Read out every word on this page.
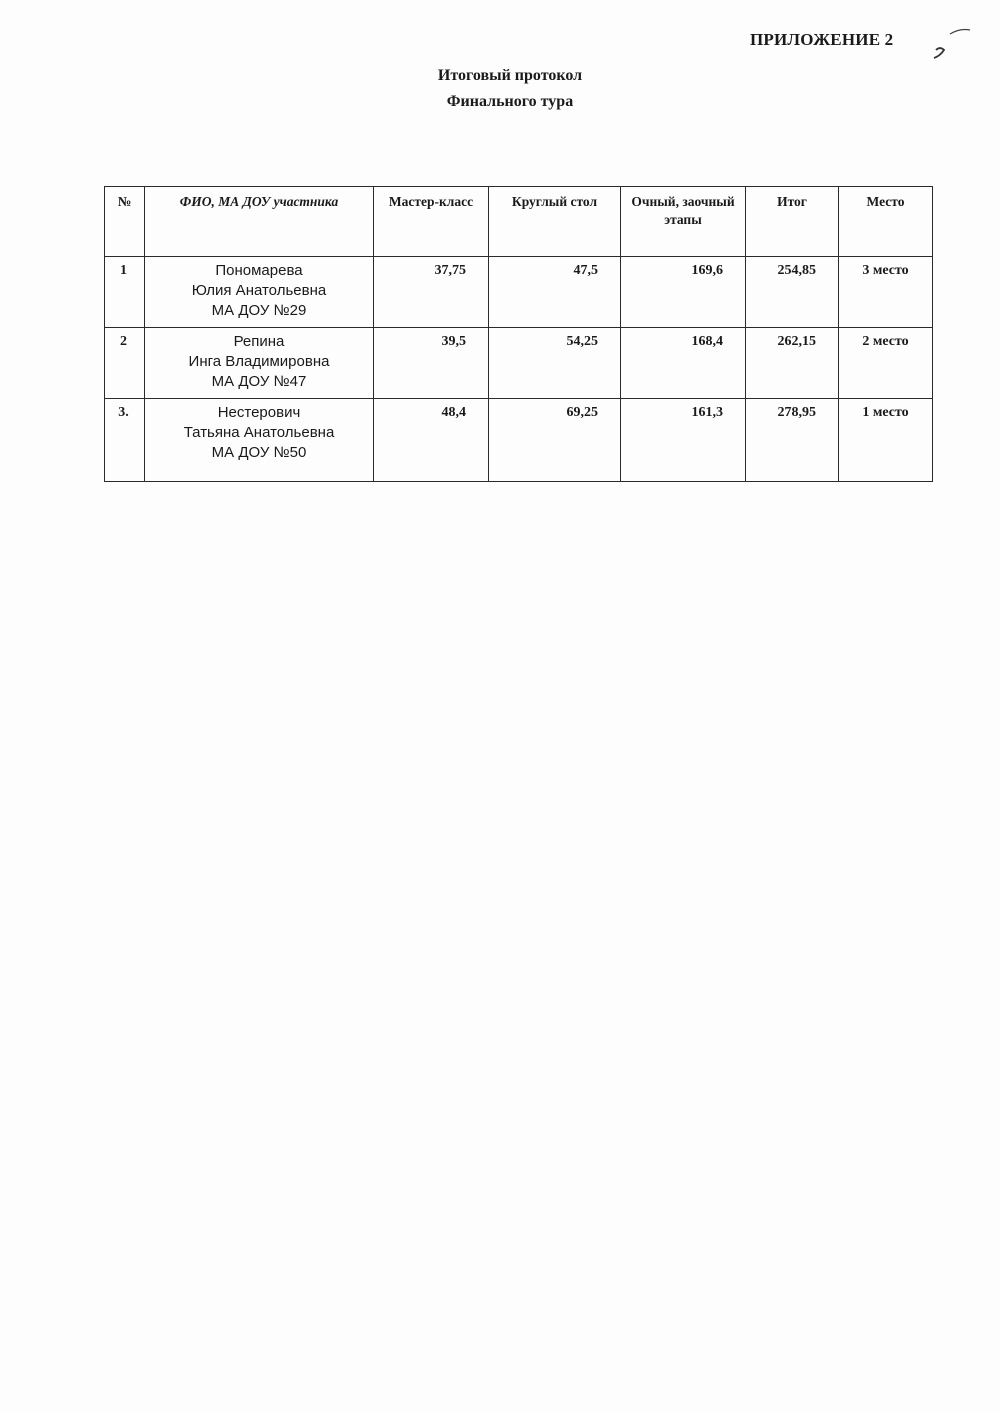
ПРИЛОЖЕНИЕ 2
Итоговый протокол
Финального тура
№	ФИО, МА ДОУ участника	Мастер-класс	Круглый стол	Очный, заочный этапы	Итог	Место
1	Пономарева
Юлия Анатольевна
МА ДОУ №29	37,75	47,5	169,6	254,85	3 место
2	Репина
Инга Владимировна
МА ДОУ №47	39,5	54,25	168,4	262,15	2 место
3.	Нестерович
Татьяна Анатольевна
МА ДОУ №50	48,4	69,25	161,3	278,95	1 место
